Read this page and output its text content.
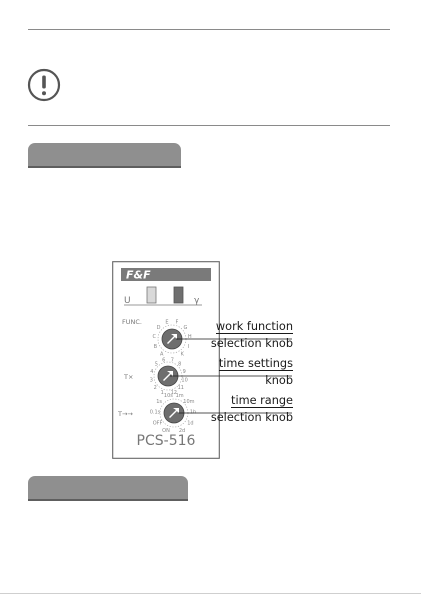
F&F
U	γ
FUNC.
A
B
C
D
E F
G
H
I
K
T×
1
2
3
4
5
6 7
8
9
10
11
12
T→→
ON
OFF
0.1s
1s
10s 1m
10m
1h
1d
2d
PCS-516
work function
selection knob
time settings
knob
time range
selection knob
